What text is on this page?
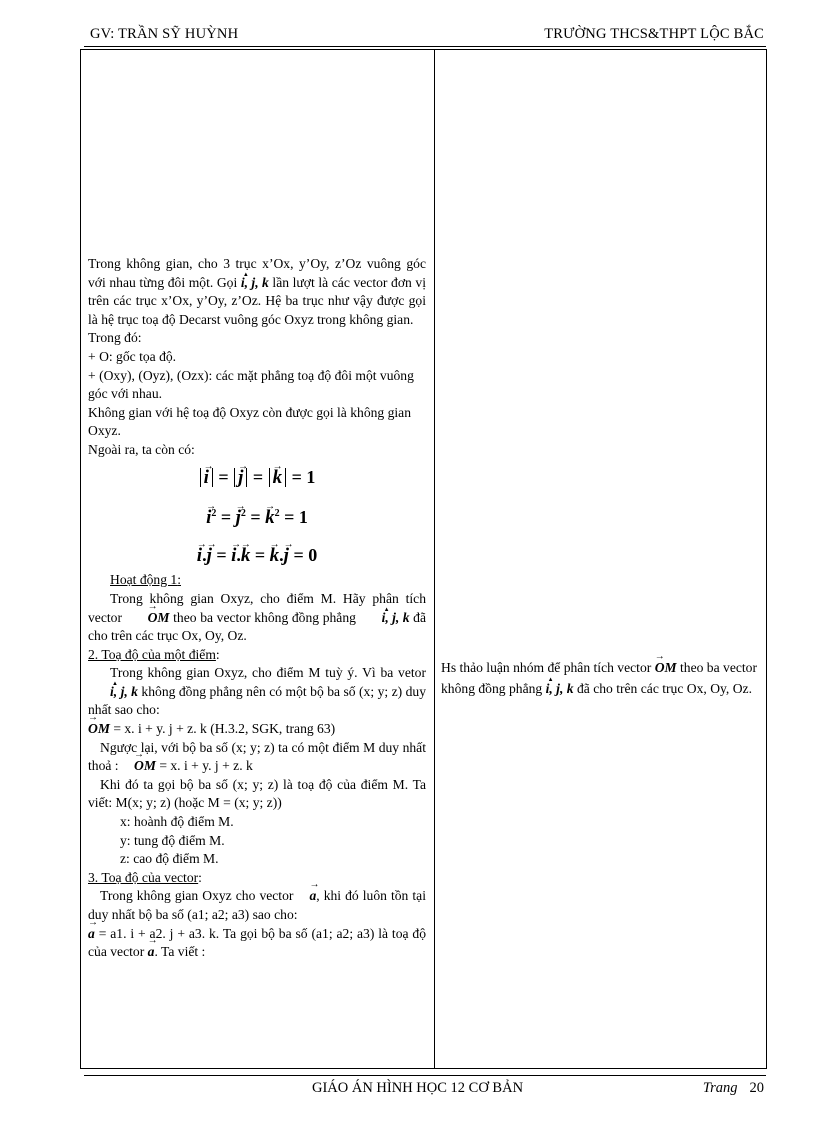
GV: TRẦN SỸ HUỲNH	TRƯỜNG THCS&THPT LỘC BẮC

Trong không gian, cho 3 trục x’Ox, y’Oy, z’Oz vuông góc với nhau từng đôi một. Gọi ▲ i, j, k lần lượt là các vector đơn vị trên các trục x’Ox, y’Oy, z’Oz. Hệ ba trục như vậy được gọi là hệ trục toạ độ Decarst vuông góc Oxyz trong không gian.

Trong đó:

+ O: gốc tọa độ.

+ (Oxy), (Oyz), (Ozx): các mặt phẳng toạ độ đôi một vuông góc với nhau.

Không gian với hệ toạ độ Oxyz còn được gọi là không gian Oxyz.

Ngoài ra, ta còn có:

→ i = → j = → k = 1
→ $i^2$ = → $j^2$ = → $k^2 = 1$
→ i.→ j = → i.→ k = → k.→ j = 0

Hoạt động 1:

Trong không gian Oxyz, cho điểm M. Hãy phân tích vector → OM theo ba vector không đồng phẳng ▲ i, j, k đã cho trên các trục Ox, Oy, Oz.

2. Toạ độ của một điểm:

Trong không gian Oxyz, cho điểm M tuỳ ý. Vì ba vetor ▲ i, j, k không đồng phẳng nên có một bộ ba số (x; y; z) duy nhất sao cho:

→ OM = x. i + y. j + z. k (H.3.2, SGK, trang 63)

Ngược lại, với bộ ba số (x; y; z) ta có một điểm M duy nhất thoả : → OM = x. i + y. j + z. k

Khi đó ta gọi bộ ba số (x; y; z) là toạ độ của điểm M. Ta viết: M(x; y; z) (hoặc M = (x; y; z))

x: hoành độ điểm M.

y: tung độ điểm M.

z: cao độ điểm M.

3. Toạ độ của vector:

Trong không gian Oxyz cho vector → a, khi đó luôn tồn tại duy nhất bộ ba số (a1; a2; a3) sao cho:

→ a = a1. i + a2. j + a3. k. Ta gọi bộ ba số (a1; a2; a3) là toạ độ của vector → a. Ta viết :

Hs thảo luận nhóm để phân tích vector → OM theo ba vector không đồng phẳng ▲ i, j, k đã cho trên các trục Ox, Oy, Oz.

GIÁO ÁN HÌNH HỌC 12 CƠ BẢN	Trang 20
